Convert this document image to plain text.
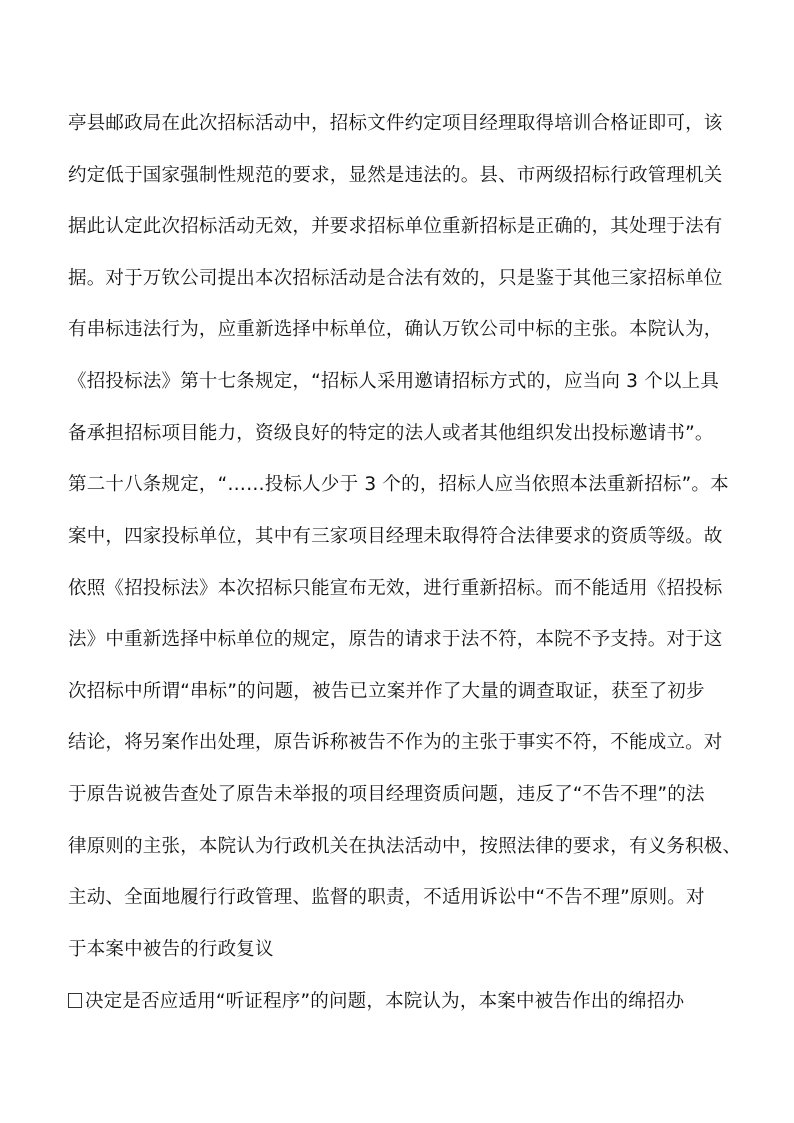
亭县邮政局在此次招标活动中，招标文件约定项目经理取得培训合格证即可，该
约定低于国家强制性规范的要求，显然是违法的。县、市两级招标行政管理机关
据此认定此次招标活动无效，并要求招标单位重新招标是正确的，其处理于法有
据。对于万钦公司提出本次招标活动是合法有效的，只是鉴于其他三家招标单位
有串标违法行为，应重新选择中标单位，确认万钦公司中标的主张。本院认为，
《招投标法》第十七条规定，“招标人采用邀请招标方式的，应当向 3 个以上具
备承担招标项目能力，资级良好的特定的法人或者其他组织发出投标邀请书”。
第二十八条规定，“……投标人少于 3 个的，招标人应当依照本法重新招标”。本
案中，四家投标单位，其中有三家项目经理未取得符合法律要求的资质等级。故
依照《招投标法》本次招标只能宣布无效，进行重新招标。而不能适用《招投标
法》中重新选择中标单位的规定，原告的请求于法不符，本院不予支持。对于这
次招标中所谓“串标”的问题，被告已立案并作了大量的调查取证，获至了初步
结论，将另案作出处理，原告诉称被告不作为的主张于事实不符，不能成立。对
于原告说被告查处了原告未举报的项目经理资质问题，违反了“不告不理”的法
律原则的主张，本院认为行政机关在执法活动中，按照法律的要求，有义务积极、
主动、全面地履行行政管理、监督的职责，不适用诉讼中“不告不理”原则。对
于本案中被告的行政复议
决定是否应适用“听证程序”的问题，本院认为，本案中被告作出的绵招办
